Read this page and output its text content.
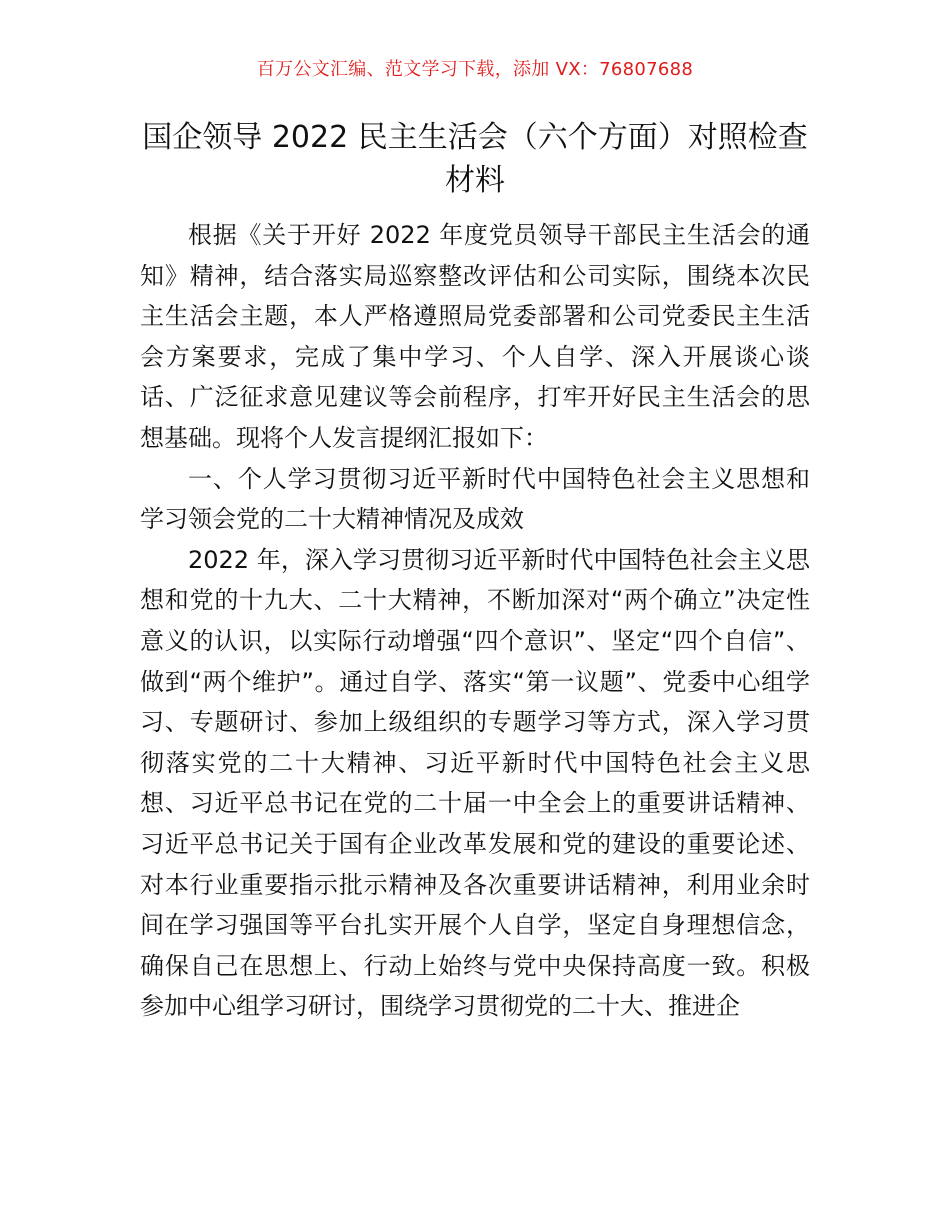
百万公文汇编、范文学习下载，添加 VX：76807688
国企领导 2022 民主生活会（六个方面）对照检查材料

根据《关于开好 2022 年度党员领导干部民主生活会的通知》精神，结合落实局巡察整改评估和公司实际，围绕本次民主生活会主题，本人严格遵照局党委部署和公司党委民主生活会方案要求，完成了集中学习、个人自学、深入开展谈心谈话、广泛征求意见建议等会前程序，打牢开好民主生活会的思想基础。现将个人发言提纲汇报如下：

一、个人学习贯彻习近平新时代中国特色社会主义思想和学习领会党的二十大精神情况及成效

2022 年，深入学习贯彻习近平新时代中国特色社会主义思想和党的十九大、二十大精神，不断加深对“两个确立”决定性意义的认识，以实际行动增强“四个意识”、坚定“四个自信”、做到“两个维护”。通过自学、落实“第一议题”、党委中心组学习、专题研讨、参加上级组织的专题学习等方式，深入学习贯彻落实党的二十大精神、习近平新时代中国特色社会主义思想、习近平总书记在党的二十届一中全会上的重要讲话精神、习近平总书记关于国有企业改革发展和党的建设的重要论述、对本行业重要指示批示精神及各次重要讲话精神，利用业余时间在学习强国等平台扎实开展个人自学，坚定自身理想信念，确保自己在思想上、行动上始终与党中央保持高度一致。积极参加中心组学习研讨，围绕学习贯彻党的二十大、推进企
